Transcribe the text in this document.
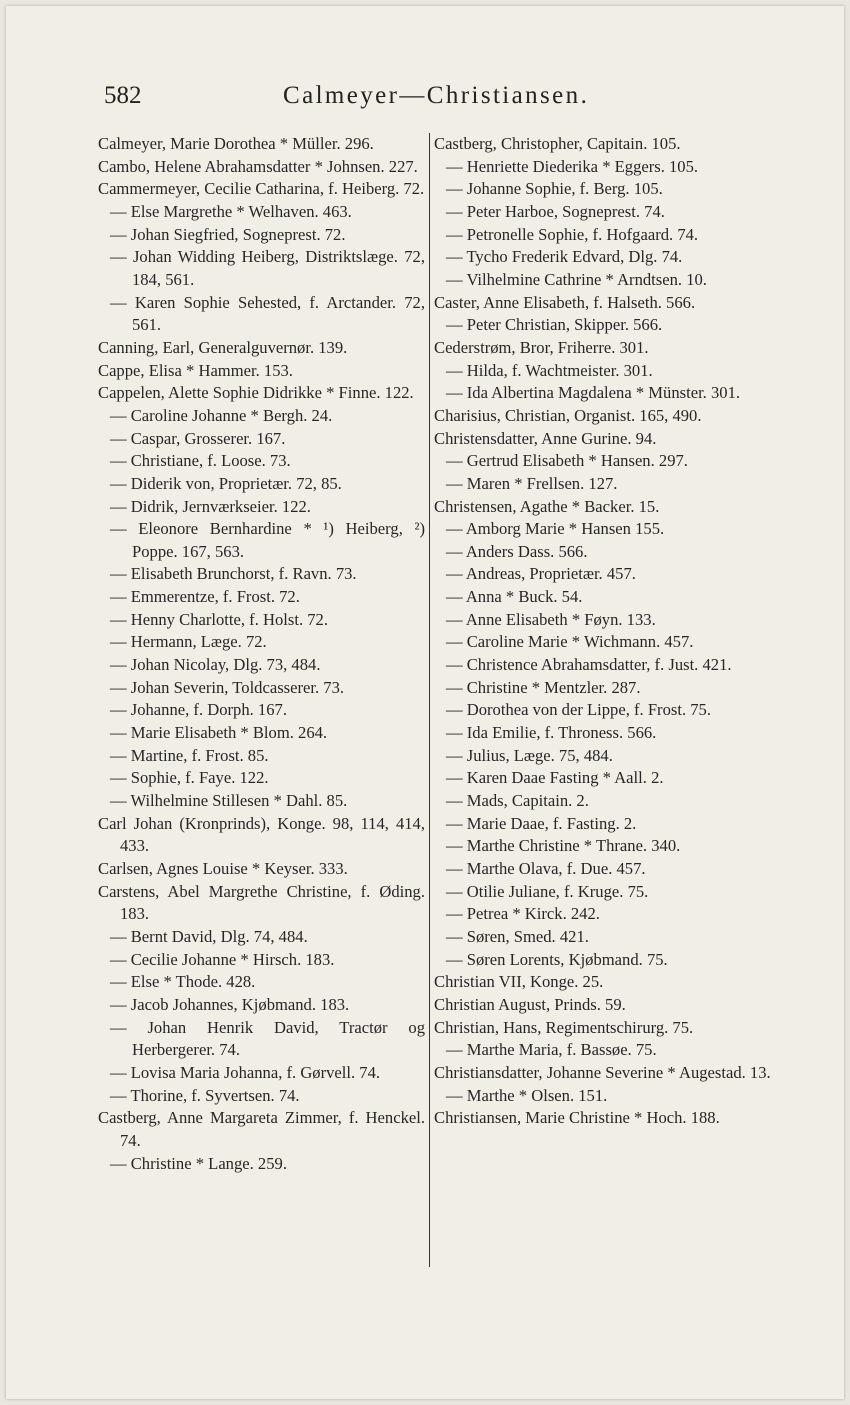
582	Calmeyer—Christiansen.
Calmeyer, Marie Dorothea * Müller. 296.
Cambo, Helene Abrahamsdatter * Johnsen. 227.
Cammermeyer, Cecilie Catharina, f. Heiberg. 72.
— Else Margrethe * Welhaven. 463.
— Johan Siegfried, Sogneprest. 72.
— Johan Widding Heiberg, Distriktslæge. 72, 184, 561.
— Karen Sophie Sehested, f. Arctander. 72, 561.
Canning, Earl, Generalguvernør. 139.
Cappe, Elisa * Hammer. 153.
Cappelen, Alette Sophie Didrikke * Finne. 122.
— Caroline Johanne * Bergh. 24.
— Caspar, Grosserer. 167.
— Christiane, f. Loose. 73.
— Diderik von, Proprietær. 72, 85.
— Didrik, Jernværkseier. 122.
— Eleonore Bernhardine * ¹) Heiberg, ²) Poppe. 167, 563.
— Elisabeth Brunchorst, f. Ravn. 73.
— Emmerentze, f. Frost. 72.
— Henny Charlotte, f. Holst. 72.
— Hermann, Læge. 72.
— Johan Nicolay, Dlg. 73, 484.
— Johan Severin, Toldcasserer. 73.
— Johanne, f. Dorph. 167.
— Marie Elisabeth * Blom. 264.
— Martine, f. Frost. 85.
— Sophie, f. Faye. 122.
— Wilhelmine Stillesen * Dahl. 85.
Carl Johan (Kronprinds), Konge. 98, 114, 414, 433.
Carlsen, Agnes Louise * Keyser. 333.
Carstens, Abel Margrethe Christine, f. Øding. 183.
— Bernt David, Dlg. 74, 484.
— Cecilie Johanne * Hirsch. 183.
— Else * Thode. 428.
— Jacob Johannes, Kjøbmand. 183.
— Johan Henrik David, Tractør og Herbergerer. 74.
— Lovisa Maria Johanna, f. Gørvell. 74.
— Thorine, f. Syvertsen. 74.
Castberg, Anne Margareta Zimmer, f. Henckel. 74.
— Christine * Lange. 259.
Castberg, Christopher, Capitain. 105.
— Henriette Diederika * Eggers. 105.
— Johanne Sophie, f. Berg. 105.
— Peter Harboe, Sogneprest. 74.
— Petronelle Sophie, f. Hofgaard. 74.
— Tycho Frederik Edvard, Dlg. 74.
— Vilhelmine Cathrine * Arndtsen. 10.
Caster, Anne Elisabeth, f. Halseth. 566.
— Peter Christian, Skipper. 566.
Cederstrøm, Bror, Friherre. 301.
— Hilda, f. Wachtmeister. 301.
— Ida Albertina Magdalena * Münster. 301.
Charisius, Christian, Organist. 165, 490.
Christensdatter, Anne Gurine. 94.
— Gertrud Elisabeth * Hansen. 297.
— Maren * Frellsen. 127.
Christensen, Agathe * Backer. 15.
— Amborg Marie * Hansen 155.
— Anders Dass. 566.
— Andreas, Proprietær. 457.
— Anna * Buck. 54.
— Anne Elisabeth * Føyn. 133.
— Caroline Marie * Wichmann. 457.
— Christence Abrahamsdatter, f. Just. 421.
— Christine * Mentzler. 287.
— Dorothea von der Lippe, f. Frost. 75.
— Ida Emilie, f. Throness. 566.
— Julius, Læge. 75, 484.
— Karen Daae Fasting * Aall. 2.
— Mads, Capitain. 2.
— Marie Daae, f. Fasting. 2.
— Marthe Christine * Thrane. 340.
— Marthe Olava, f. Due. 457.
— Otilie Juliane, f. Kruge. 75.
— Petrea * Kirck. 242.
— Søren, Smed. 421.
— Søren Lorents, Kjøbmand. 75.
Christian VII, Konge. 25.
Christian August, Prinds. 59.
Christian, Hans, Regimentschirurg. 75.
— Marthe Maria, f. Bassøe. 75.
Christiansdatter, Johanne Severine * Augestad. 13.
— Marthe * Olsen. 151.
Christiansen, Marie Christine * Hoch. 188.
